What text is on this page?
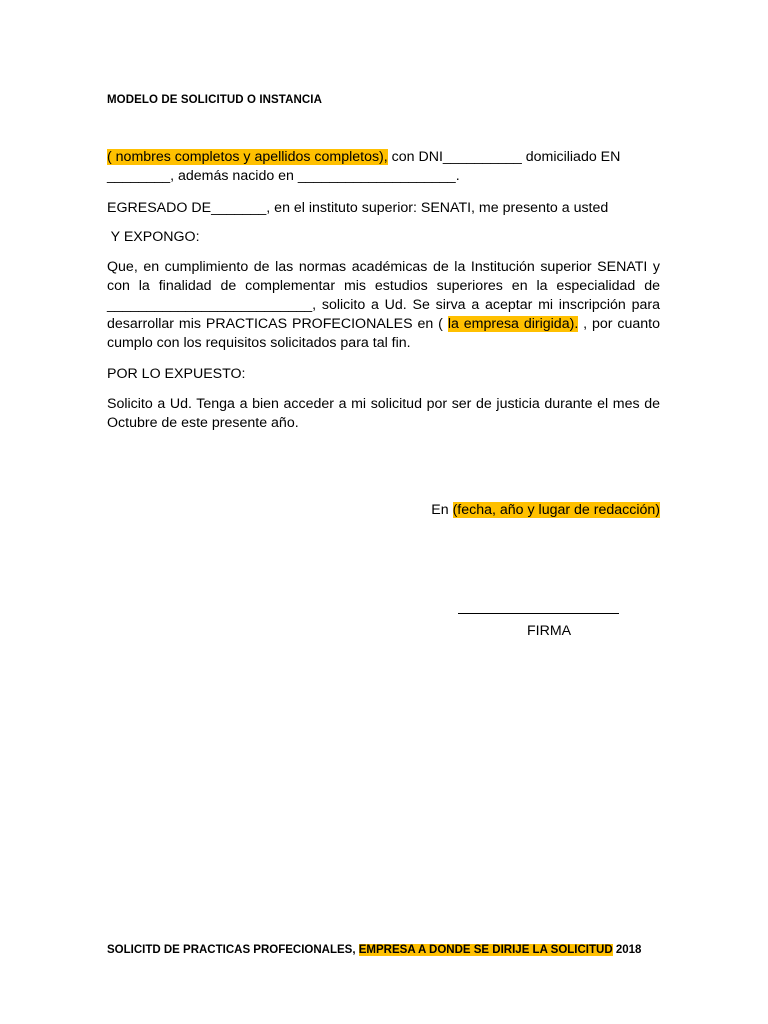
MODELO DE SOLICITUD O INSTANCIA
( nombres completos y apellidos completos), con DNI__________ domiciliado EN
________, además nacido en ____________________.
EGRESADO DE_______, en el instituto superior: SENATI, me presento a usted
Y EXPONGO:
Que, en cumplimiento de las normas académicas de la Institución superior SENATI y con la finalidad de complementar mis estudios superiores en la especialidad de __________________________, solicito a Ud. Se sirva a aceptar mi inscripción para desarrollar mis PRACTICAS PROFECIONALES en ( la empresa dirigida). , por cuanto cumplo con los requisitos solicitados para tal fin.
POR LO EXPUESTO:
Solicito a Ud. Tenga a bien acceder a mi solicitud por ser de justicia durante el mes de Octubre de este presente año.
En (fecha, año y lugar de redacción)
FIRMA
SOLICITD DE PRACTICAS PROFECIONALES, EMPRESA A DONDE SE DIRIJE LA SOLICITUD 2018
